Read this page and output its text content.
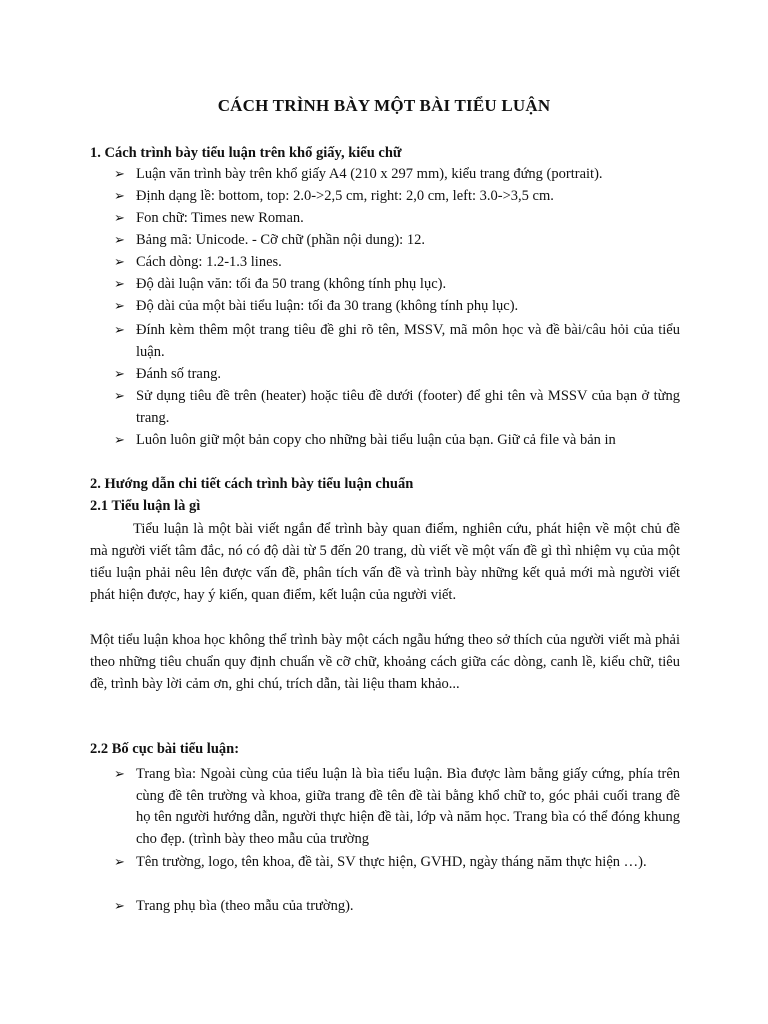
CÁCH TRÌNH BÀY MỘT BÀI TIỂU LUẬN
1. Cách trình bày tiểu luận trên khổ giấy, kiểu chữ
➢ Luận văn trình bày trên khổ giấy A4 (210 x 297 mm), kiểu trang đứng (portrait).
➢ Định dạng lề: bottom, top: 2.0->2,5 cm, right: 2,0 cm, left: 3.0->3,5 cm.
➢ Fon chữ: Times new Roman.
➢ Bảng mã: Unicode. - Cỡ chữ (phần nội dung): 12.
➢ Cách dòng: 1.2-1.3 lines.
➢ Độ dài luận văn: tối đa 50 trang (không tính phụ lục).
➢ Độ dài của một bài tiểu luận: tối đa 30 trang (không tính phụ lục).
➢ Đính kèm thêm một trang tiêu đề ghi rõ tên, MSSV, mã môn học và đề bài/câu hỏi của tiểu luận.
➢ Đánh số trang.
➢ Sử dụng tiêu đề trên (heater) hoặc tiêu đề dưới (footer) để ghi tên và MSSV của bạn ở từng trang.
➢ Luôn luôn giữ một bản copy cho những bài tiểu luận của bạn. Giữ cả file và bản in
2. Hướng dẫn chi tiết cách trình bày tiểu luận chuẩn
2.1 Tiểu luận là gì

Tiểu luận là một bài viết ngắn để trình bày quan điểm, nghiên cứu, phát hiện về một chủ đề mà người viết tâm đắc, nó có độ dài từ 5 đến 20 trang, dù viết về một vấn đề gì thì nhiệm vụ của một tiểu luận phải nêu lên được vấn đề, phân tích vấn đề và trình bày những kết quả mới mà người viết phát hiện được, hay ý kiến, quan điểm, kết luận của người viết.

Một tiểu luận khoa học không thể trình bày một cách ngẫu hứng theo sở thích của người viết mà phải theo những tiêu chuẩn quy định chuẩn về cỡ chữ, khoảng cách giữa các dòng, canh lề, kiểu chữ, tiêu đề, trình bày lời cảm ơn, ghi chú, trích dẫn, tài liệu tham khảo...

2.2 Bố cục bài tiểu luận:
➢ Trang bìa: Ngoài cùng của tiểu luận là bìa tiểu luận. Bìa được làm bằng giấy cứng, phía trên cùng đề tên trường và khoa, giữa trang đề tên đề tài bằng khổ chữ to, góc phải cuối trang đề họ tên người hướng dẫn, người thực hiện đề tài, lớp và năm học. Trang bìa có thể đóng khung cho đẹp. (trình bày theo mẫu của trường
➢ Tên trường, logo, tên khoa, đề tài, SV thực hiện, GVHD, ngày tháng năm thực hiện …).
➢ Trang phụ bìa (theo mẫu của trường).
